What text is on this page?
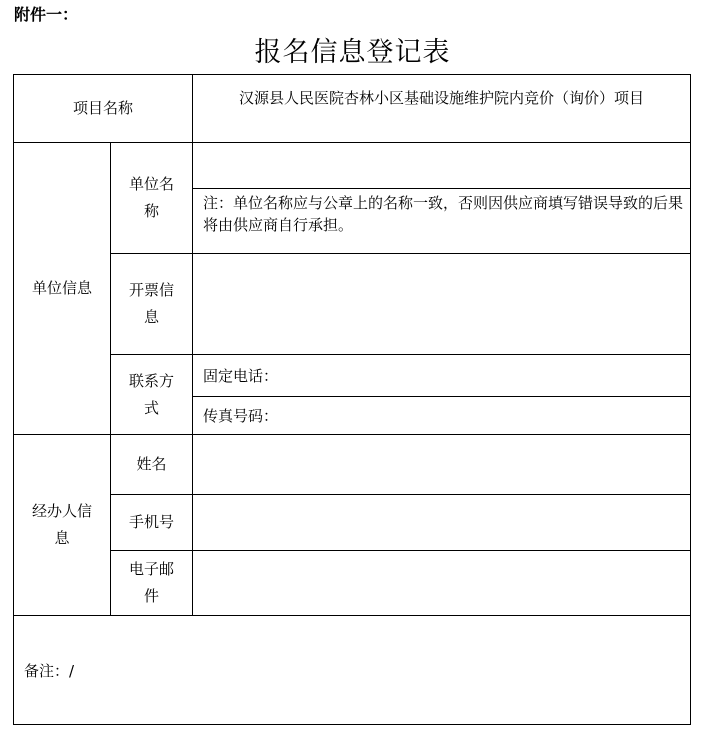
附件一：
报名信息登记表
项目名称		汉源县人民医院杏林小区基础设施维护院内竞价（询价）项目
单位信息	单位名称	
		注：单位名称应与公章上的名称一致，否则因供应商填写错误导致的后果将由供应商自行承担。
	开票信息	
	联系方式	固定电话：
		传真号码：

经办人信息	姓名	
	手机号	
	电子邮件	
备注：/		
